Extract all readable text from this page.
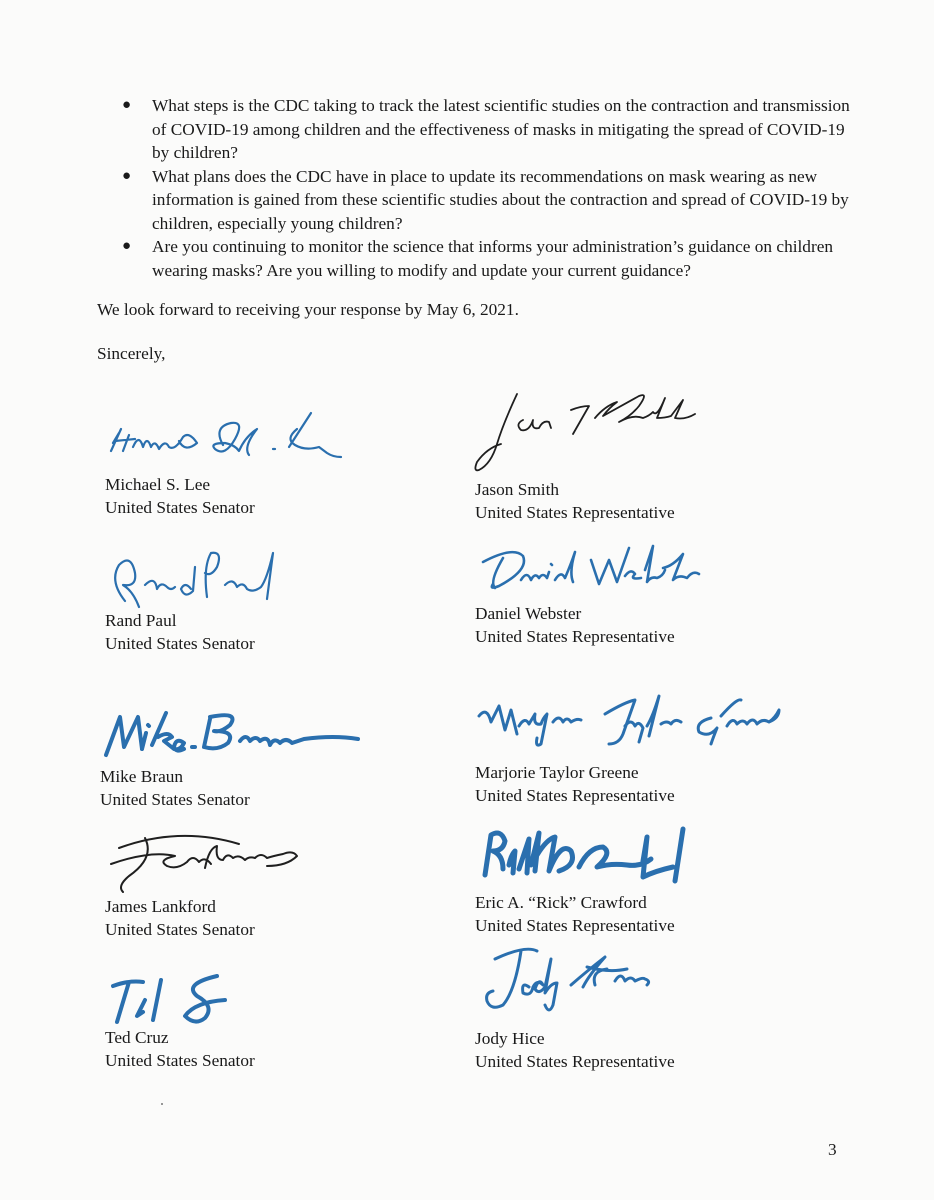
● What steps is the CDC taking to track the latest scientific studies on the contraction and transmission of COVID-19 among children and the effectiveness of masks in mitigating the spread of COVID-19 by children?
● What plans does the CDC have in place to update its recommendations on mask wearing as new information is gained from these scientific studies about the contraction and spread of COVID-19 by children, especially young children?
● Are you continuing to monitor the science that informs your administration’s guidance on children wearing masks? Are you willing to modify and update your current guidance?

We look forward to receiving your response by May 6, 2021.

Sincerely,

Michael S. Lee
United States Senator
Rand Paul
United States Senator
Mike Braun
United States Senator
James Lankford
United States Senator
Ted Cruz
United States Senator
Jason Smith
United States Representative
Daniel Webster
United States Representative
Marjorie Taylor Greene
United States Representative
Eric A. “Rick” Crawford
United States Representative
Jody Hice
United States Representative
3
